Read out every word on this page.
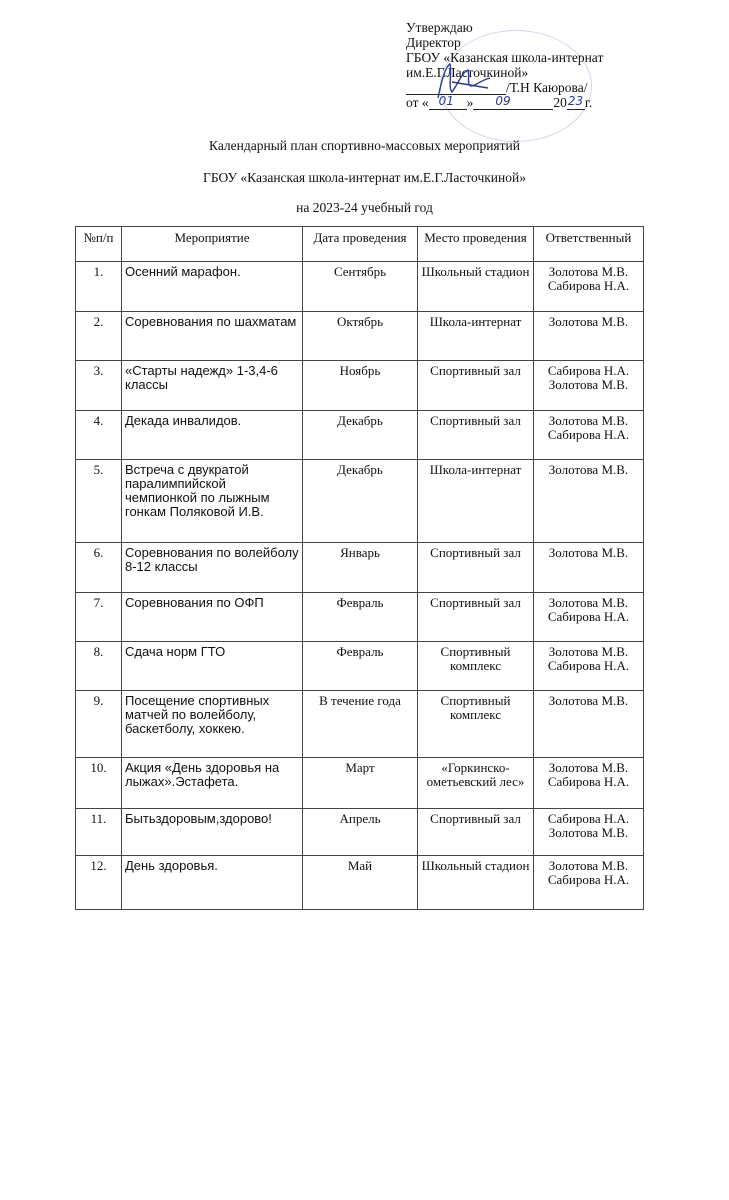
Утверждаю
Директор
ГБОУ «Казанская школа-интернат
им.Е.Г.Ласточкиной»
/Т.Н Каюрова/
от « 01 » 09	20 23 г.
Календарный план спортивно-массовых мероприятий
ГБОУ «Казанская школа-интернат им.Е.Г.Ласточкиной»
на 2023-24 учебный год
№п/п	Мероприятие	Дата проведения	Место проведения	Ответственный
1.	Осенний марафон.	Сентябрь	Школьный стадион	Золотова М.В. Сабирова Н.А.
2.	Соревнования по шахматам	Октябрь	Школа-интернат	Золотова М.В.
3.	«Старты надежд» 1-3,4-6 классы	Ноябрь	Спортивный зал	Сабирова Н.А. Золотова М.В.
4.	Декада инвалидов.	Декабрь	Спортивный зал	Золотова М.В. Сабирова Н.А.
5.	Встреча с двукратой паралимпийской чемпионкой по лыжным гонкам Поляковой И.В.	Декабрь	Школа-интернат	Золотова М.В.
6.	Соревнования по волейболу 8-12 классы	Январь	Спортивный зал	Золотова М.В.
7.	Соревнования по ОФП	Февраль	Спортивный зал	Золотова М.В. Сабирова Н.А.
8.	Сдача норм ГТО	Февраль	Спортивный комплекс	Золотова М.В. Сабирова Н.А.
9.	Посещение спортивных матчей по волейболу, баскетболу, хоккею.	В течение года	Спортивный комплекс	Золотова М.В.
10.	Акция «День здоровья на лыжах».Эстафета.	Март	«Горкинско-ометьевский лес»	Золотова М.В. Сабирова Н.А.
11.	Бытьздоровым,здорово!	Апрель	Спортивный зал	Сабирова Н.А. Золотова М.В.
12.	День здоровья.	Май	Школьный стадион	Золотова М.В. Сабирова Н.А.
